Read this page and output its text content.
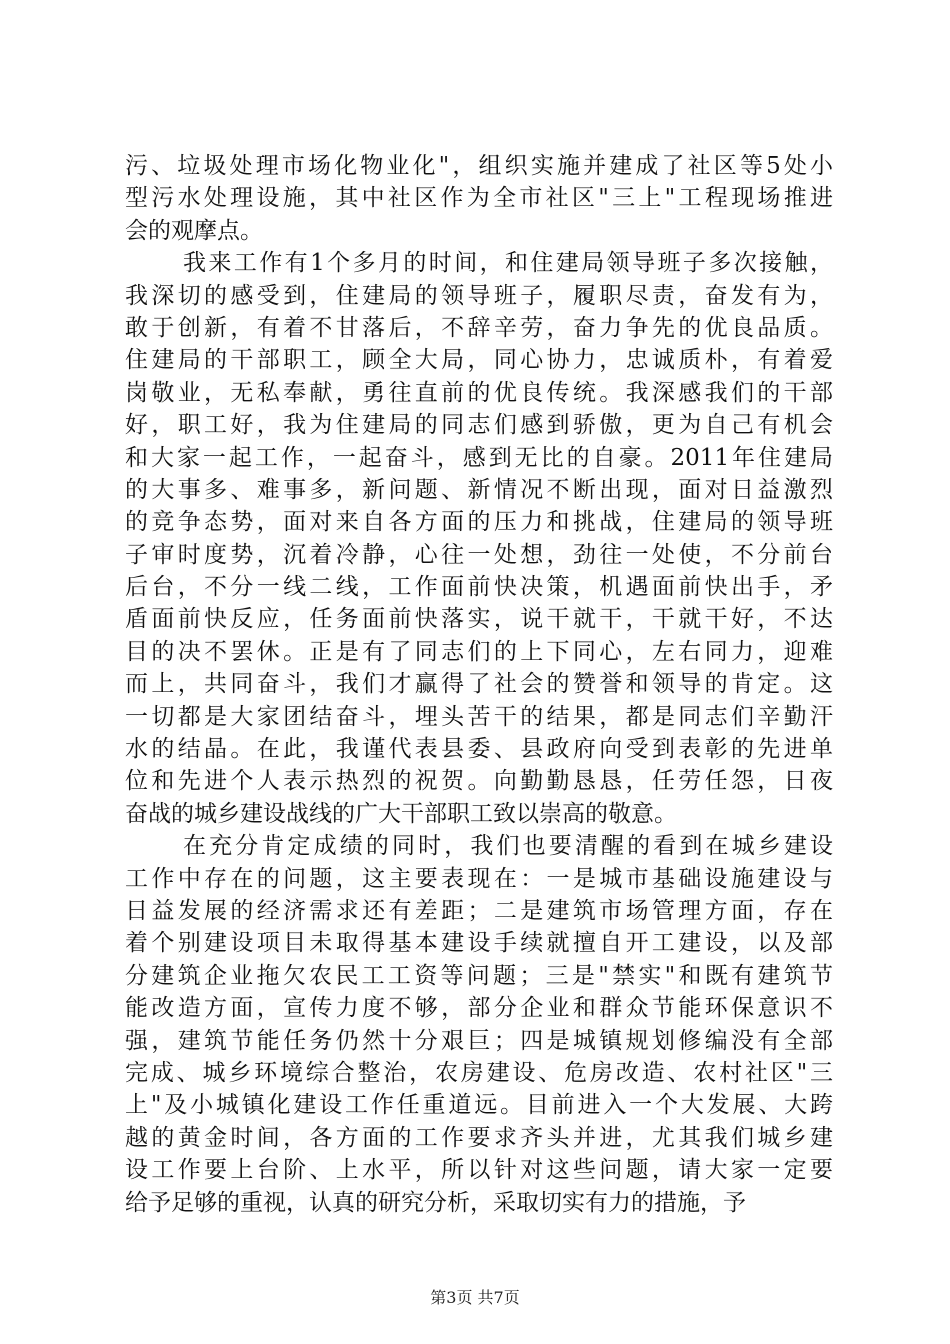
污、垃圾处理市场化物业化"，组织实施并建成了社区等5处小
型污水处理设施，其中社区作为全市社区"三上"工程现场推进
会的观摩点。
我来工作有1个多月的时间，和住建局领导班子多次接触，
我深切的感受到，住建局的领导班子，履职尽责，奋发有为，
敢于创新，有着不甘落后，不辞辛劳，奋力争先的优良品质。
住建局的干部职工，顾全大局，同心协力，忠诚质朴，有着爱
岗敬业，无私奉献，勇往直前的优良传统。我深感我们的干部
好，职工好，我为住建局的同志们感到骄傲，更为自己有机会
和大家一起工作，一起奋斗，感到无比的自豪。2011年住建局
的大事多、难事多，新问题、新情况不断出现，面对日益激烈
的竞争态势，面对来自各方面的压力和挑战，住建局的领导班
子审时度势，沉着冷静，心往一处想，劲往一处使，不分前台
后台，不分一线二线，工作面前快决策，机遇面前快出手，矛
盾面前快反应，任务面前快落实，说干就干，干就干好，不达
目的决不罢休。正是有了同志们的上下同心，左右同力，迎难
而上，共同奋斗，我们才赢得了社会的赞誉和领导的肯定。这
一切都是大家团结奋斗，埋头苦干的结果，都是同志们辛勤汗
水的结晶。在此，我谨代表县委、县政府向受到表彰的先进单
位和先进个人表示热烈的祝贺。向勤勤恳恳，任劳任怨，日夜
奋战的城乡建设战线的广大干部职工致以崇高的敬意。
在充分肯定成绩的同时，我们也要清醒的看到在城乡建设
工作中存在的问题，这主要表现在：一是城市基础设施建设与
日益发展的经济需求还有差距；二是建筑市场管理方面，存在
着个别建设项目未取得基本建设手续就擅自开工建设，以及部
分建筑企业拖欠农民工工资等问题；三是"禁实"和既有建筑节
能改造方面，宣传力度不够，部分企业和群众节能环保意识不
强，建筑节能任务仍然十分艰巨；四是城镇规划修编没有全部
完成、城乡环境综合整治，农房建设、危房改造、农村社区"三
上"及小城镇化建设工作任重道远。目前进入一个大发展、大跨
越的黄金时间，各方面的工作要求齐头并进，尤其我们城乡建
设工作要上台阶、上水平，所以针对这些问题，请大家一定要
给予足够的重视，认真的研究分析，采取切实有力的措施，予
第3页 共7页
